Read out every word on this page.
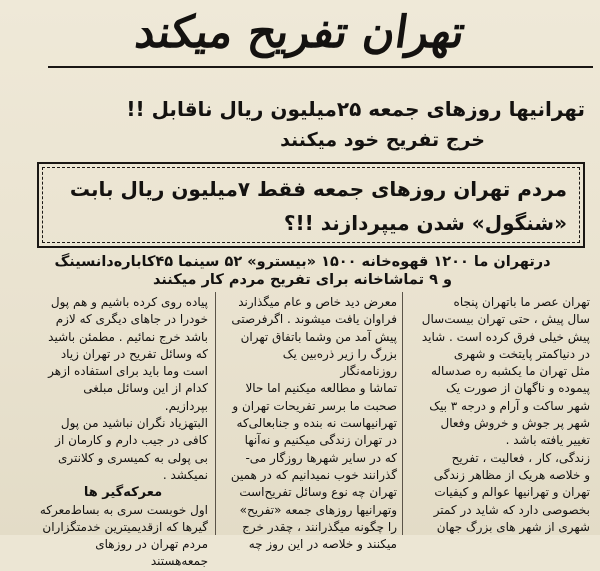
تهران تفریح میکند
تهرانیها روزهای جمعه ۲۵میلیون ریال ناقابل !!
خرج تفریح خود میکنند
مردم تهران روزهای جمعه فقط ۷میلیون ریال بابت
«شنگول» شدن میپردازند !!؟
درتهران ما ۱۲۰۰ قهوه‌خانه ۱۵۰۰ «بیسترو» ۵۲ سینما ۴۵کاباره‌دانسینگ
و ۹ تماشاخانه برای تفریح مردم کار میکنند

تهران عصر ما باتهران پنجاه

سال پیش ، حتی تهران بیست‌سال

پیش خیلی فرق کرده است . شاید

در دنیاکمتر پایتخت و شهری

مثل تهران ما یکشبه ره صدساله

پیموده و ناگهان از صورت یک

شهر ساکت و آرام و درجه ۳ بیک

شهر پر جوش و خروش وفعال

تغییر یافته باشد .

زندگی، کار ، فعالیت ، تفریح

و خلاصه هریک از مظاهر زندگی

تهران و تهرانیها عوالم و کیفیات

بخصوصی دارد که شاید در کمتر

شهری از شهر های بزرگ جهان

معرض دید خاص و عام میگذارند

فراوان یافت میشوند . اگرفرصتی

پیش آمد من وشما باتفاق تهران

بزرگ را زیر ذره‌بین یک روزنامه‌نگار

تماشا و مطالعه میکنیم اما حالا

صحبت ما برسر تفریحات تهران و

تهرانیهاست نه بنده و جنابعالی‌که

در تهران زندگی میکنیم و نه‌آنها

که در سایر شهرها روزگار می-

گذرانند خوب نمیدانیم که در همین

تهران چه نوع وسائل تفریح‌است

وتهرانیها روزهای جمعه «تفریح»

را چگونه میگذرانند ، چقدر خرج

میکنند و خلاصه در این روز چه

پیاده روی کرده باشیم و هم پول

خودرا در جاهای دیگری که لازم

باشد خرج نمائیم . مطمئن باشید

که وسائل تفریح در تهران زیاد

است وما باید برای استفاده ازهر

کدام از این وسائل مبلغی بپردازیم.

البتهزیاد نگران نباشید من پول

کافی در جیب دارم و کارمان از

بی پولی به کمیسری و کلانتری

نمیکشد .

معرکه‌گیر ها

اول خوبست سری به بساط‌معرکه

گیرها که ازقدیمیترین خدمتگزاران

مردم تهران در روزهای جمعه‌هستند
